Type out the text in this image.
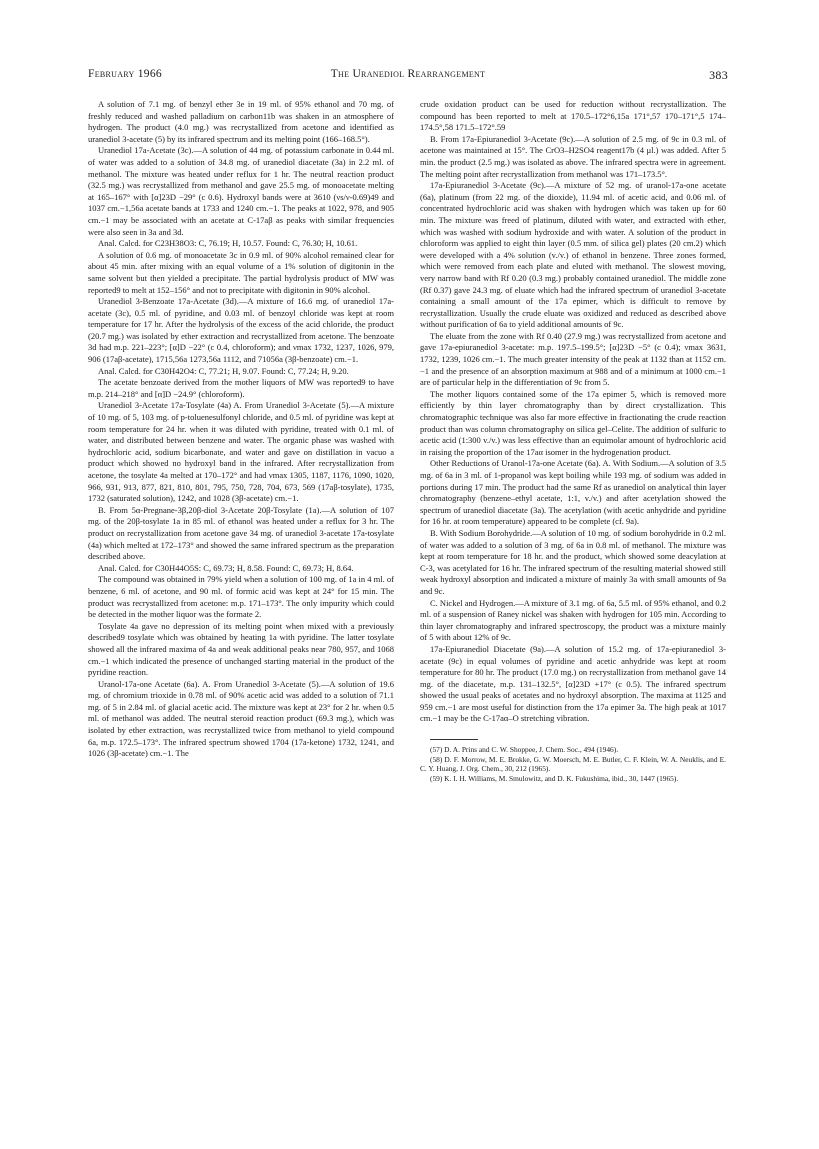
February 1966	The Uranediol Rearrangement	383

A solution of 7.1 mg. of benzyl ether 3e in 19 ml. of 95% ethanol and 70 mg. of freshly reduced and washed palladium on carbon11b was shaken in an atmosphere of hydrogen. The product (4.0 mg.) was recrystallized from acetone and identified as uranediol 3-acetate (5) by its infrared spectrum and its melting point (166–168.5°).

Uranediol 17a-Acetate (3c).—A solution of 44 mg. of potassium carbonate in 0.44 ml. of water was added to a solution of 34.8 mg. of uranediol diacetate (3a) in 2.2 ml. of methanol. The mixture was heated under reflux for 1 hr. The neutral reaction product (32.5 mg.) was recrystallized from methanol and gave 25.5 mg. of monoacetate melting at 165–167° with [α]23D −29° (c 0.6). Hydroxyl bands were at 3610 (νs/ν-0.69)49 and 1037 cm.−1,56a acetate bands at 1733 and 1240 cm.−1. The peaks at 1022, 978, and 905 cm.−1 may be associated with an acetate at C-17aβ as peaks with similar frequencies were also seen in 3a and 3d.

Anal. Calcd. for C23H38O3: C, 76.19; H, 10.57. Found: C, 76.30; H, 10.61.

A solution of 0.6 mg. of monoacetate 3c in 0.9 ml. of 90% alcohol remained clear for about 45 min. after mixing with an equal volume of a 1% solution of digitonin in the same solvent but then yielded a precipitate. The partial hydrolysis product of MW was reported9 to melt at 152–156° and not to precipitate with digitonin in 90% alcohol.

Uranediol 3-Benzoate 17a-Acetate (3d).—A mixture of 16.6 mg. of uranediol 17a-acetate (3c), 0.5 ml. of pyridine, and 0.03 ml. of benzoyl chloride was kept at room temperature for 17 hr. After the hydrolysis of the excess of the acid chloride, the product (20.7 mg.) was isolated by ether extraction and recrystallized from acetone. The benzoate 3d had m.p. 221–223°; [α]D −22° (c 0.4, chloroform); and νmax 1732, 1237, 1026, 979, 906 (17aβ-acetate), 1715,56a 1273,56a 1112, and 71056a (3β-benzoate) cm.−1.

Anal. Calcd. for C30H42O4: C, 77.21; H, 9.07. Found: C, 77.24; H, 9.20.

The acetate benzoate derived from the mother liquors of MW was reported9 to have m.p. 214–218° and [α]D −24.9° (chloroform).

Uranediol 3-Acetate 17a-Tosylate (4a) A. From Uranediol 3-Acetate (5).—A mixture of 10 mg. of 5, 103 mg. of p-toluenesulfonyl chloride, and 0.5 ml. of pyridine was kept at room temperature for 24 hr. when it was diluted with pyridine, treated with 0.1 ml. of water, and distributed between benzene and water. The organic phase was washed with hydrochloric acid, sodium bicarbonate, and water and gave on distillation in vacuo a product which showed no hydroxyl band in the infrared. After recrystallization from acetone, the tosylate 4a melted at 170–172° and had νmax 1305, 1187, 1176, 1090, 1020, 966, 931, 913, 877, 821, 810, 801, 795, 750, 728, 704, 673, 569 (17aβ-tosylate), 1735, 1732 (saturated solution), 1242, and 1028 (3β-acetate) cm.−1.

B. From 5α-Pregnane-3β,20β-diol 3-Acetate 20β-Tosylate (1a).—A solution of 107 mg. of the 20β-tosylate 1a in 85 ml. of ethanol was heated under a reflux for 3 hr. The product on recrystallization from acetone gave 34 mg. of uranediol 3-acetate 17a-tosylate (4a) which melted at 172–173° and showed the same infrared spectrum as the preparation described above.

Anal. Calcd. for C30H44O5S: C, 69.73; H, 8.58. Found: C, 69.73; H, 8.64.

The compound was obtained in 79% yield when a solution of 100 mg. of 1a in 4 ml. of benzene, 6 ml. of acetone, and 90 ml. of formic acid was kept at 24° for 15 min. The product was recrystallized from acetone: m.p. 171–173°. The only impurity which could be detected in the mother liquor was the formate 2.

Tosylate 4a gave no depression of its melting point when mixed with a previously described9 tosylate which was obtained by heating 1a with pyridine. The latter tosylate showed all the infrared maxima of 4a and weak additional peaks near 780, 957, and 1068 cm.−1 which indicated the presence of unchanged starting material in the product of the pyridine reaction.

Uranol-17a-one Acetate (6a). A. From Uranediol 3-Acetate (5).—A solution of 19.6 mg. of chromium trioxide in 0.78 ml. of 90% acetic acid was added to a solution of 71.1 mg. of 5 in 2.84 ml. of glacial acetic acid. The mixture was kept at 23° for 2 hr. when 0.5 ml. of methanol was added. The neutral steroid reaction product (69.3 mg.), which was isolated by ether extraction, was recrystallized twice from methanol to yield compound 6a, m.p. 172.5–173°. The infrared spectrum showed 1704 (17a-ketone) 1732, 1241, and 1026 (3β-acetate) cm.−1. The

crude oxidation product can be used for reduction without recrystallization. The compound has been reported to melt at 170.5–172°6,15a 171°,57 170–171°,5 174–174.5°,58 171.5–172°.59

B. From 17a-Epiuranediol 3-Acetate (9c).—A solution of 2.5 mg. of 9c in 0.3 ml. of acetone was maintained at 15°. The CrO3–H2SO4 reagent17b (4 μl.) was added. After 5 min. the product (2.5 mg.) was isolated as above. The infrared spectra were in agreement. The melting point after recrystallization from methanol was 171–173.5°.

17a-Epiuranediol 3-Acetate (9c).—A mixture of 52 mg. of uranol-17a-one acetate (6a), platinum (from 22 mg. of the dioxide), 11.94 ml. of acetic acid, and 0.06 ml. of concentrated hydrochloric acid was shaken with hydrogen which was taken up for 60 min. The mixture was freed of platinum, diluted with water, and extracted with ether, which was washed with sodium hydroxide and with water. A solution of the product in chloroform was applied to eight thin layer (0.5 mm. of silica gel) plates (20 cm.2) which were developed with a 4% solution (v./v.) of ethanol in benzene. Three zones formed, which were removed from each plate and eluted with methanol. The slowest moving, very narrow band with Rf 0.20 (0.3 mg.) probably contained uranediol. The middle zone (Rf 0.37) gave 24.3 mg. of eluate which had the infrared spectrum of uranediol 3-acetate containing a small amount of the 17a epimer, which is difficult to remove by recrystallization. Usually the crude eluate was oxidized and reduced as described above without purification of 6a to yield additional amounts of 9c.

The eluate from the zone with Rf 0.40 (27.9 mg.) was recrystallized from acetone and gave 17a-epiuranediol 3-acetate: m.p. 197.5–199.5°; [α]23D −5° (c 0.4); νmax 3631, 1732, 1239, 1026 cm.−1. The much greater intensity of the peak at 1132 than at 1152 cm.−1 and the presence of an absorption maximum at 988 and of a minimum at 1000 cm.−1 are of particular help in the differentiation of 9c from 5.

The mother liquors contained some of the 17a epimer 5, which is removed more efficiently by thin layer chromatography than by direct crystallization. This chromatographic technique was also far more effective in fractionating the crude reaction product than was column chromatography on silica gel–Celite. The addition of sulfuric to acetic acid (1:300 v./v.) was less effective than an equimolar amount of hydrochloric acid in raising the proportion of the 17aα isomer in the hydrogenation product.

Other Reductions of Uranol-17a-one Acetate (6a). A. With Sodium.—A solution of 3.5 mg. of 6a in 3 ml. of 1-propanol was kept boiling while 193 mg. of sodium was added in portions during 17 min. The product had the same Rf as uranediol on analytical thin layer chromatography (benzene–ethyl acetate, 1:1, v./v.) and after acetylation showed the spectrum of uranediol diacetate (3a). The acetylation (with acetic anhydride and pyridine for 16 hr. at room temperature) appeared to be complete (cf. 9a).

B. With Sodium Borohydride.—A solution of 10 mg. of sodium borohydride in 0.2 ml. of water was added to a solution of 3 mg. of 6a in 0.8 ml. of methanol. The mixture was kept at room temperature for 18 hr. and the product, which showed some deacylation at C-3, was acetylated for 16 hr. The infrared spectrum of the resulting material showed still weak hydroxyl absorption and indicated a mixture of mainly 3a with small amounts of 9a and 9c.

C. Nickel and Hydrogen.—A mixture of 3.1 mg. of 6a, 5.5 ml. of 95% ethanol, and 0.2 ml. of a suspension of Raney nickel was shaken with hydrogen for 105 min. According to thin layer chromatography and infrared spectroscopy, the product was a mixture mainly of 5 with about 12% of 9c.

17a-Epiuranediol Diacetate (9a).—A solution of 15.2 mg. of 17a-epiuranediol 3-acetate (9c) in equal volumes of pyridine and acetic anhydride was kept at room temperature for 80 hr. The product (17.0 mg.) on recrystallization from methanol gave 14 mg. of the diacetate, m.p. 131–132.5°, [α]23D +17° (c 0.5). The infrared spectrum showed the usual peaks of acetates and no hydroxyl absorption. The maxima at 1125 and 959 cm.−1 are most useful for distinction from the 17a epimer 3a. The high peak at 1017 cm.−1 may be the C-17aα–O stretching vibration.

(57) D. A. Prins and C. W. Shoppee, J. Chem. Soc., 494 (1946).

(58) D. F. Morrow, M. E. Brokke, G. W. Moersch, M. E. Butler, C. F. Klein, W. A. Neuklis, and E. C. Y. Huang, J. Org. Chem., 30, 212 (1965).

(59) K. I. H. Williams, M. Smulowitz, and D. K. Fukushima, ibid., 30, 1447 (1965).
